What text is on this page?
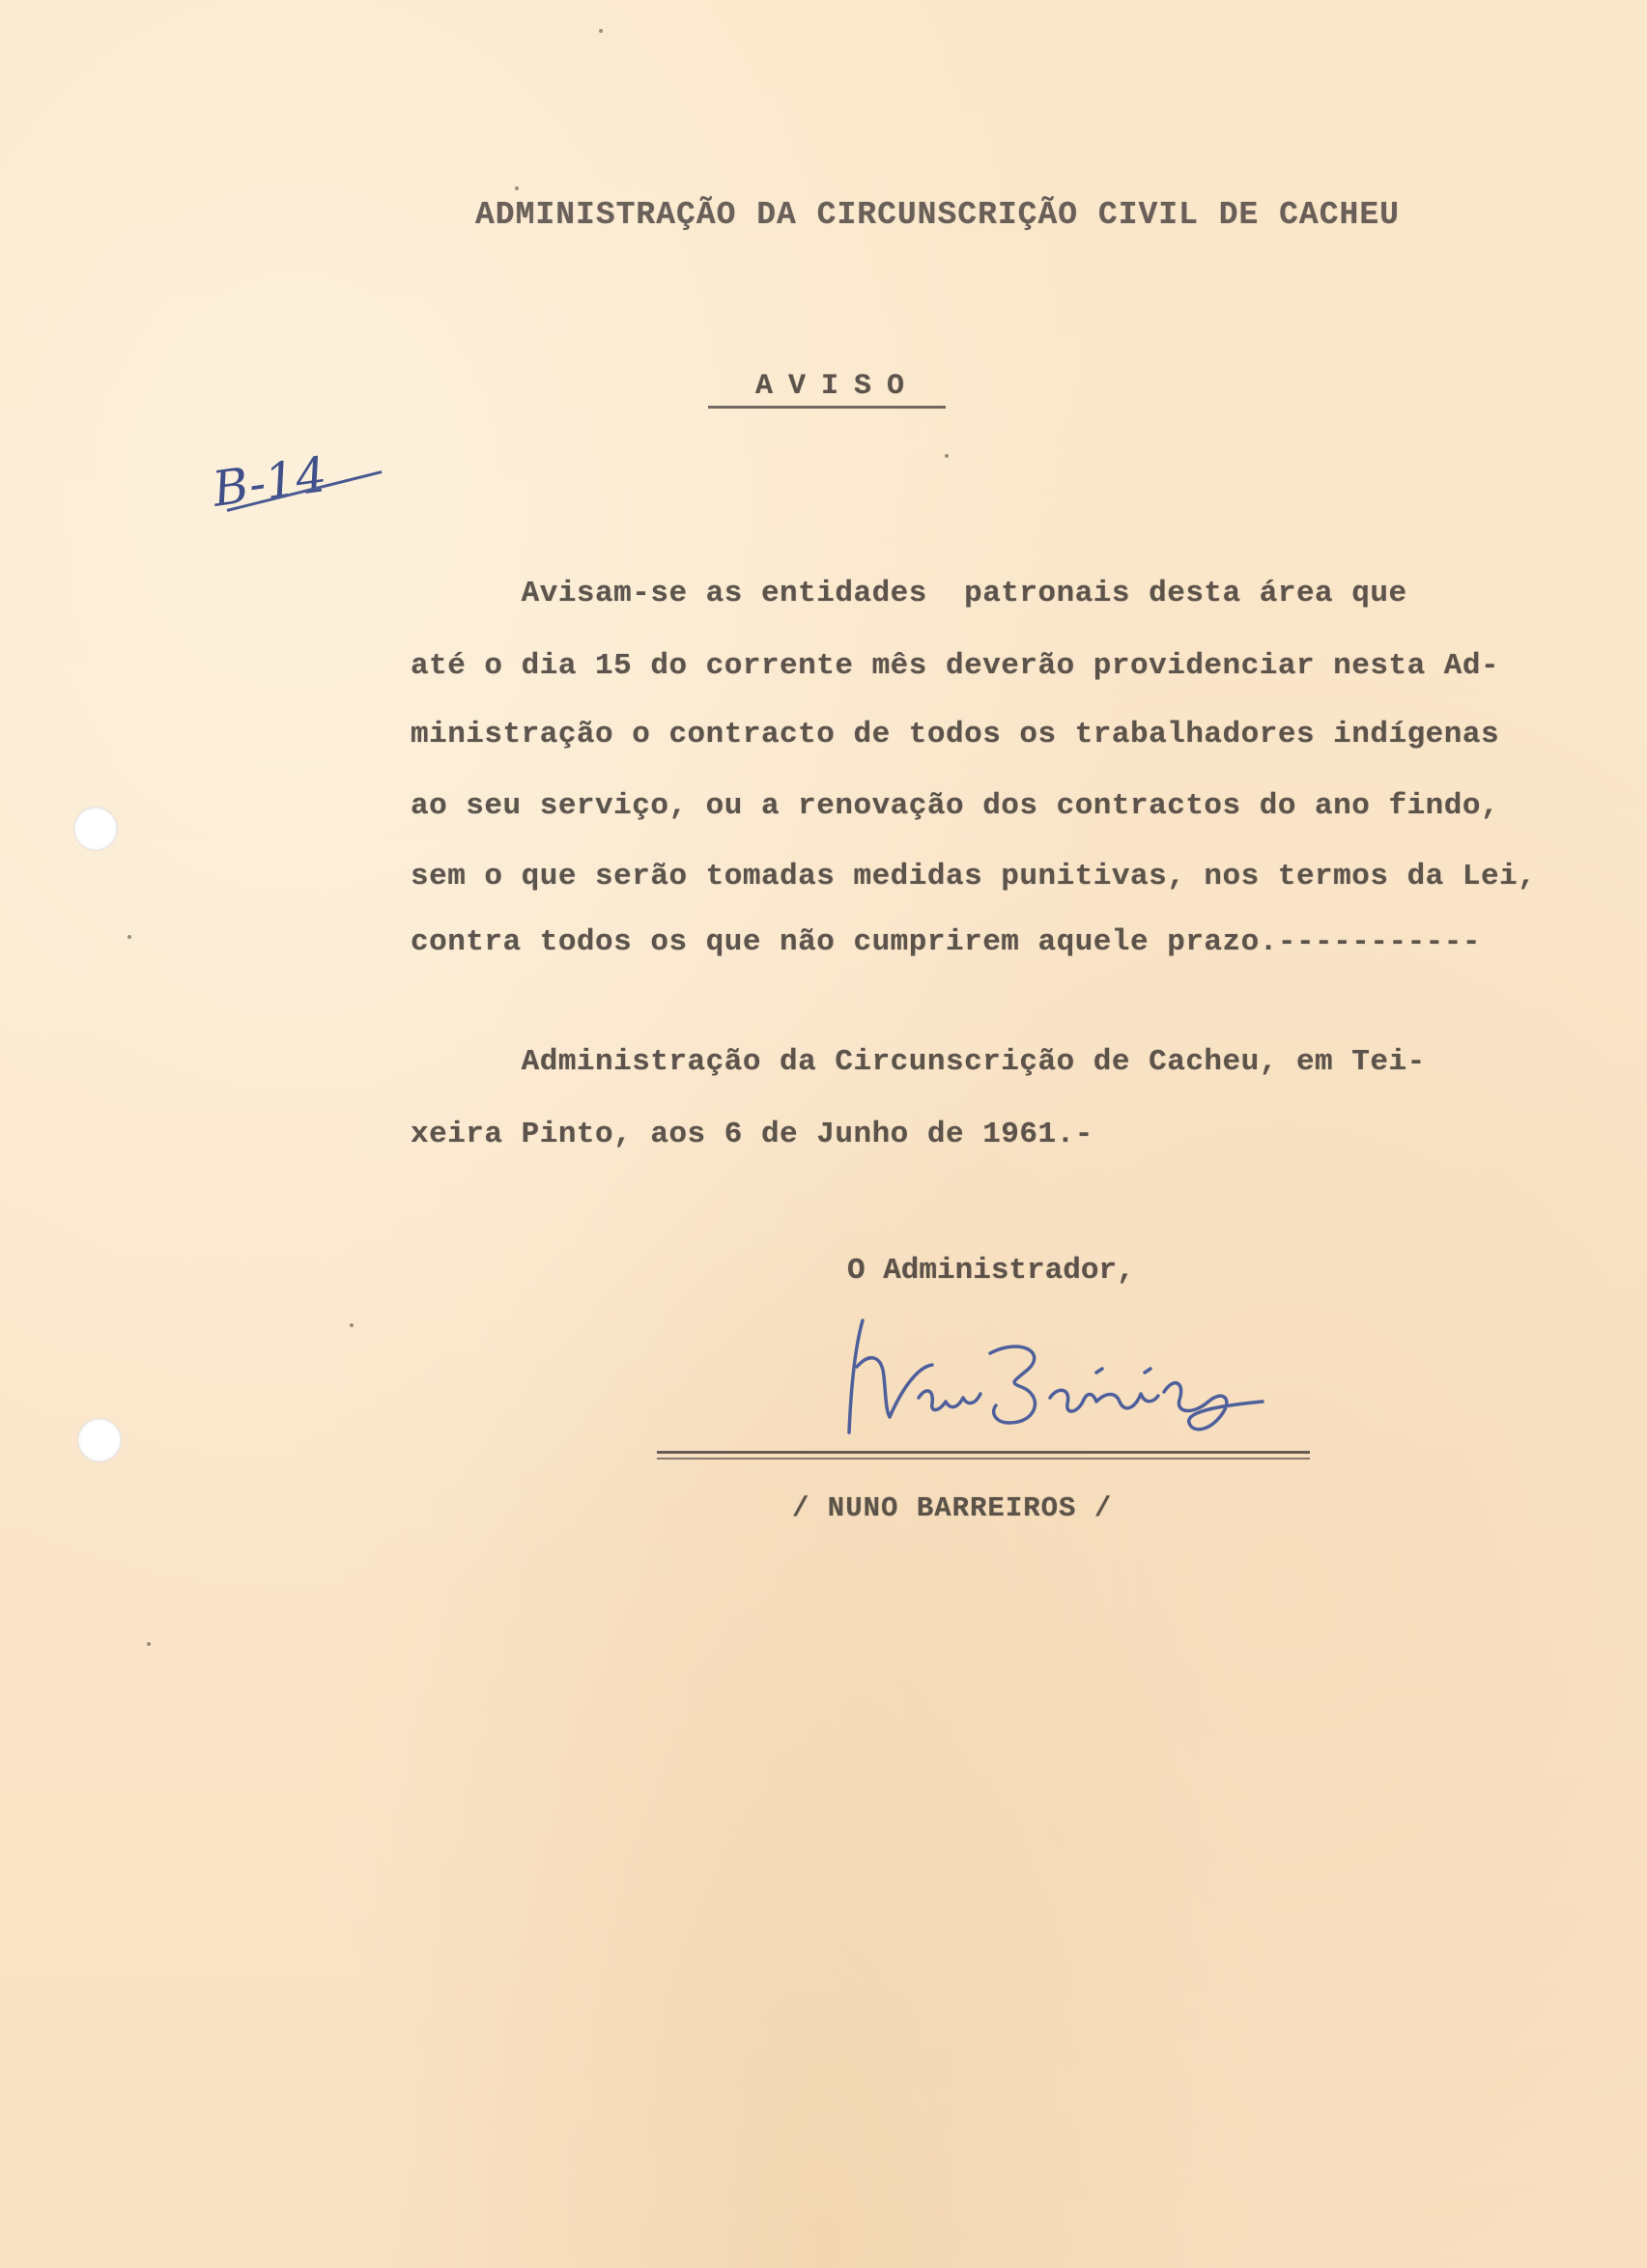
ADMINISTRAÇÃO DA CIRCUNSCRIÇÃO CIVIL DE CACHEU
AVISO
B-14
Avisam-se as entidades  patronais desta área que
até o dia 15 do corrente mês deverão providenciar nesta Ad-
ministração o contracto de todos os trabalhadores indígenas
ao seu serviço, ou a renovação dos contractos do ano findo,
sem o que serão tomadas medidas punitivas, nos termos da Lei,
contra todos os que não cumprirem aquele prazo.-----------
Administração da Circunscrição de Cacheu, em Tei-
xeira Pinto, aos 6 de Junho de 1961.-
O Administrador,
/ NUNO BARREIROS /
